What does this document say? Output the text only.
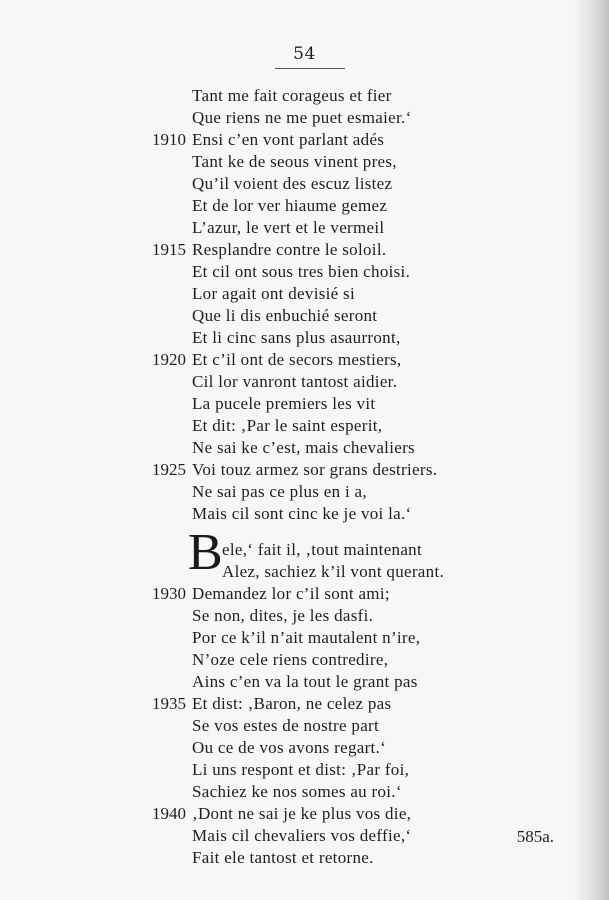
54
Tant me fait corageus et fier
Que riens ne me puet esmaier.‘
1910 Ensi c’en vont parlant adés
Tant ke de seous vinent pres,
Qu’il voient des escuz listez
Et de lor ver hiaume gemez
L’azur, le vert et le vermeil
1915 Resplandre contre le soloil.
Et cil ont sous tres bien choisi.
Lor agait ont devisié si
Que li dis enbuchié seront
Et li cinc sans plus asaurront,
1920 Et c’il ont de secors mestiers,
Cil lor vanront tantost aidier.
La pucele premiers les vit
Et dit: ‚Par le saint esperit,
Ne sai ke c’est, mais chevaliers
1925 Voi touz armez sor grans destriers.
Ne sai pas ce plus en i a,
Mais cil sont cinc ke je voi la.‘
B ele,‘ fait il, ‚tout maintenant
Alez, sachiez k’il vont querant.
1930 Demandez lor c’il sont ami;
Se non, dites, je les dasfi.
Por ce k’il n’ait mautalent n’ire,
N’oze cele riens contredire,
Ains c’en va la tout le grant pas
1935 Et dist: ‚Baron, ne celez pas
Se vos estes de nostre part
Ou ce de vos avons regart.‘
Li uns respont et dist: ‚Par foi,
Sachiez ke nos somes au roi.‘
1940 ‚Dont ne sai je ke plus vos die,
Mais cil chevaliers vos deffie,‘
Fait ele tantost et retorne.
585a.
